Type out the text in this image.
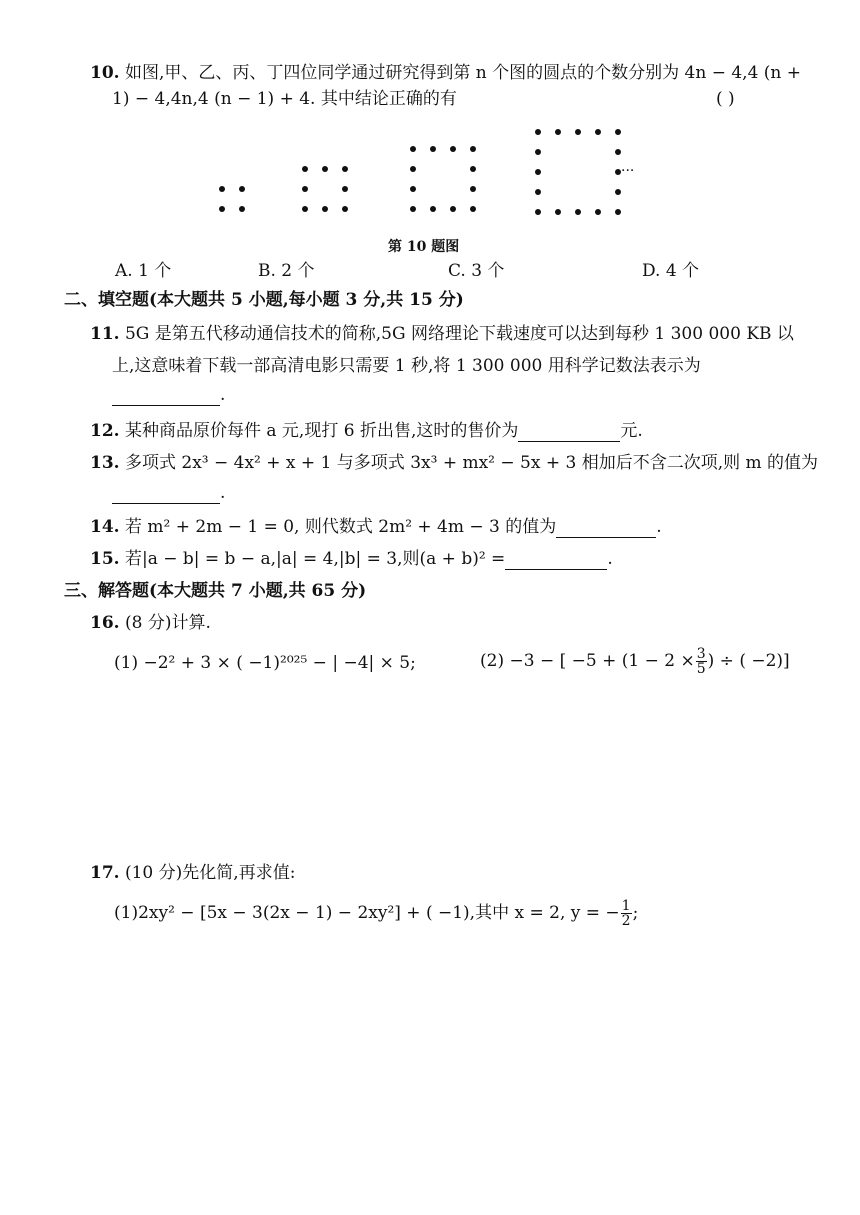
10. 如图,甲、乙、丙、丁四位同学通过研究得到第 n 个图的圆点的个数分别为 4n − 4,4 (n +
1) − 4,4n,4 (n − 1) + 4. 其中结论正确的有	( )
···
第 10 题图
A. 1 个	B. 2 个	C. 3 个	D. 4 个
二、填空题(本大题共 5 小题,每小题 3 分,共 15 分)
11. 5G 是第五代移动通信技术的简称,5G 网络理论下载速度可以达到每秒 1 300 000 KB 以
上,这意味着下载一部高清电影只需要 1 秒,将 1 300 000 用科学记数法表示为
.
12. 某种商品原价每件 a 元,现打 6 折出售,这时的售价为	元.
13. 多项式 2x³ − 4x² + x + 1 与多项式 3x³ + mx² − 5x + 3 相加后不含二次项,则 m 的值为
.
14. 若 m² + 2m − 1 = 0, 则代数式 2m² + 4m − 3 的值为	.
15. 若|a − b| = b − a,|a| = 4,|b| = 3,则(a + b)² =	.
三、解答题(本大题共 7 小题,共 65 分)
16. (8 分)计算.
(1) −2² + 3 × ( −1)²⁰²⁵ − | −4| × 5;	(2) −3 − [ $-5 + (1 - 2 \times \frac{3}{5}$ ) ÷ ( −2)]
17. (10 分)先化简,再求值:
(1)2xy² − [5x − 3(2x − 1) − 2xy²] + ( −1),其中 x = 2, y = − $\frac{1}{2}$ ;
